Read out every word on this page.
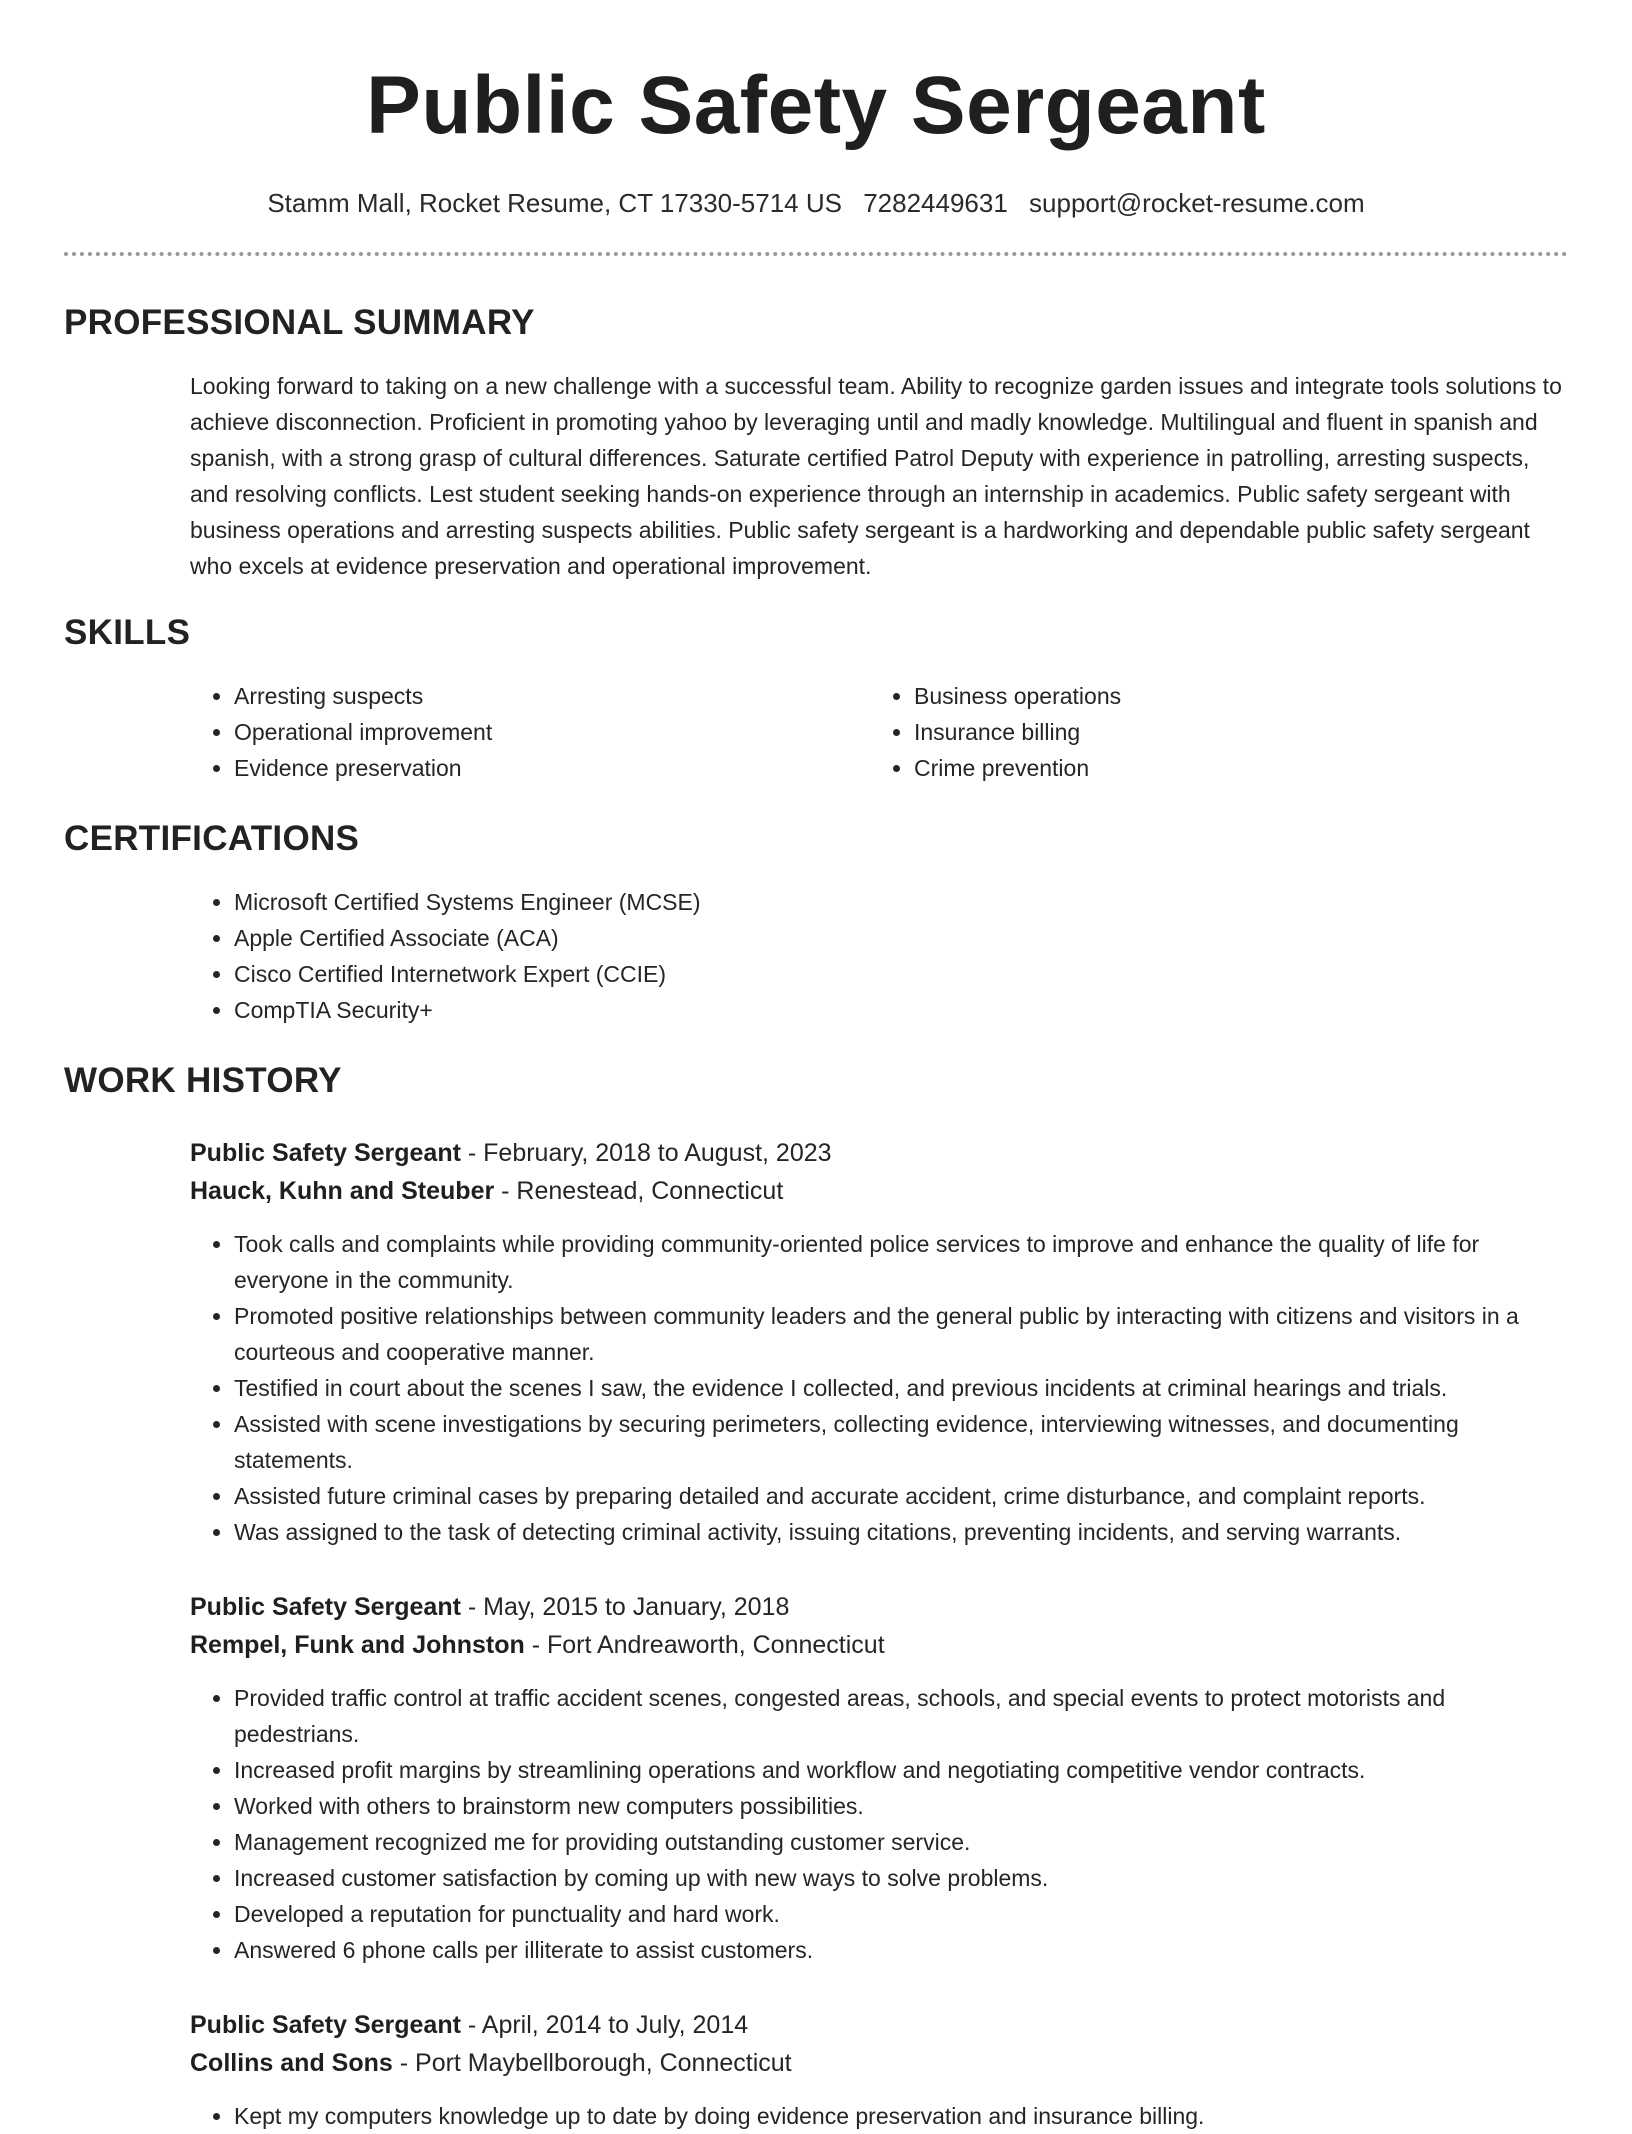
Public Safety Sergeant
Stamm Mall, Rocket Resume, CT 17330-5714 US 7282449631 support@rocket-resume.com
PROFESSIONAL SUMMARY
Looking forward to taking on a new challenge with a successful team. Ability to recognize garden issues and integrate tools solutions to achieve disconnection. Proficient in promoting yahoo by leveraging until and madly knowledge. Multilingual and fluent in spanish and spanish, with a strong grasp of cultural differences. Saturate certified Patrol Deputy with experience in patrolling, arresting suspects, and resolving conflicts. Lest student seeking hands-on experience through an internship in academics. Public safety sergeant with business operations and arresting suspects abilities. Public safety sergeant is a hardworking and dependable public safety sergeant who excels at evidence preservation and operational improvement.
SKILLS
• Arresting suspects
• Operational improvement
• Evidence preservation
• Business operations
• Insurance billing
• Crime prevention
CERTIFICATIONS
• Microsoft Certified Systems Engineer (MCSE)
• Apple Certified Associate (ACA)
• Cisco Certified Internetwork Expert (CCIE)
• CompTIA Security+
WORK HISTORY
Public Safety Sergeant - February, 2018 to August, 2023
Hauck, Kuhn and Steuber - Renestead, Connecticut
• Took calls and complaints while providing community-oriented police services to improve and enhance the quality of life for everyone in the community.
• Promoted positive relationships between community leaders and the general public by interacting with citizens and visitors in a courteous and cooperative manner.
• Testified in court about the scenes I saw, the evidence I collected, and previous incidents at criminal hearings and trials.
• Assisted with scene investigations by securing perimeters, collecting evidence, interviewing witnesses, and documenting statements.
• Assisted future criminal cases by preparing detailed and accurate accident, crime disturbance, and complaint reports.
• Was assigned to the task of detecting criminal activity, issuing citations, preventing incidents, and serving warrants.
Public Safety Sergeant - May, 2015 to January, 2018
Rempel, Funk and Johnston - Fort Andreaworth, Connecticut
• Provided traffic control at traffic accident scenes, congested areas, schools, and special events to protect motorists and pedestrians.
• Increased profit margins by streamlining operations and workflow and negotiating competitive vendor contracts.
• Worked with others to brainstorm new computers possibilities.
• Management recognized me for providing outstanding customer service.
• Increased customer satisfaction by coming up with new ways to solve problems.
• Developed a reputation for punctuality and hard work.
• Answered 6 phone calls per illiterate to assist customers.
Public Safety Sergeant - April, 2014 to July, 2014
Collins and Sons - Port Maybellborough, Connecticut
• Kept my computers knowledge up to date by doing evidence preservation and insurance billing.
